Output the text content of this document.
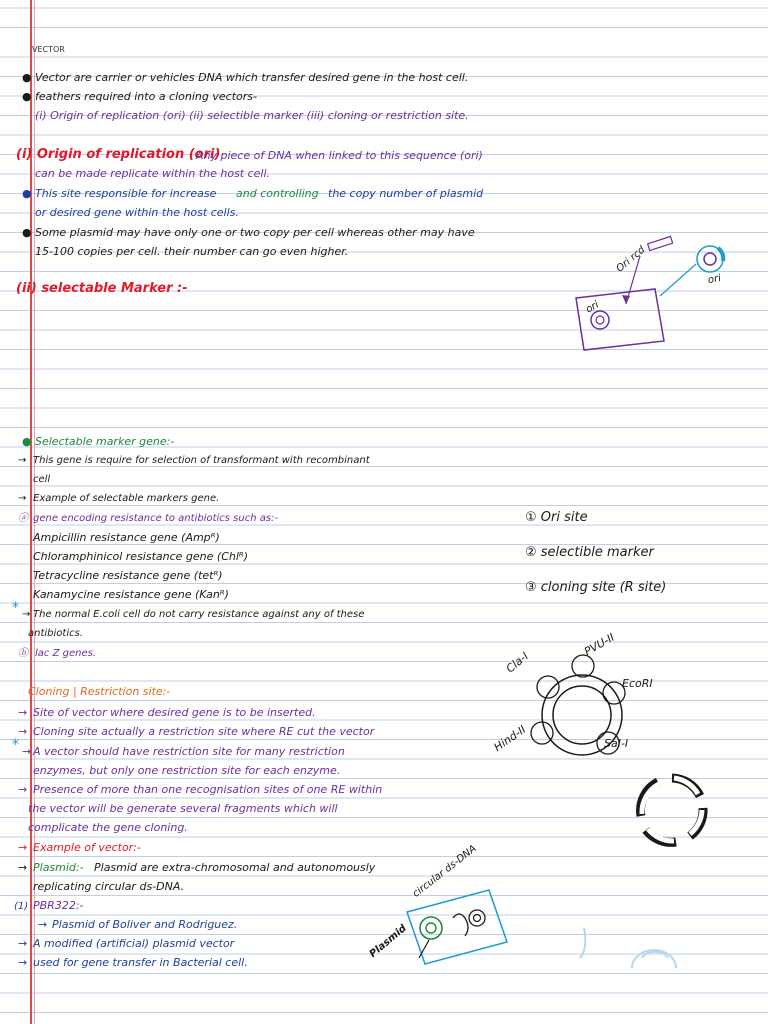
VECTOR
● Vector are carrier or vehicles DNA which transfer desired gene in the host cell.
● feathers required into a cloning vectors-
(i) Origin of replication (ori) (ii) selectible marker (iii) cloning or restriction site.
(i) Origin of replication (ori)
Any piece of DNA when linked to this sequence (ori)
can be made replicate within the host cell.
● This site responsible for increase and controlling the copy number of plasmid
or desired gene within the host cells.
● Some plasmid may have only one or two copy per cell whereas other may have
15-100 copies per cell. their number can go even higher.
(ii) selectable Marker :-
Ori rcd
ori
ori
● Selectable marker gene:-
→ This gene is require for selection of transformant with recombinant
cell
→ Example of selectable markers gene.
ⓐ gene encoding resistance to antibiotics such as:-
Ampicillin resistance gene (Ampᴿ)
Chloramphinicol resistance gene (Chlᴿ)
Tetracycline resistance gene (tetᴿ)
Kanamycine resistance gene (Kanᴿ)
* → The normal E.coli cell do not carry resistance against any of these
antibiotics.
ⓑ lac Z genes.
① Ori site
② selectible marker
③ cloning site (R site)
Cloning | Restriction site:-
→ Site of vector where desired gene is to be inserted.
→ Cloning site actually a restriction site where RE cut the vector
* → A vector should have restriction site for many restriction
enzymes, but only one restriction site for each enzyme.
→ Presence of more than one recognisation sites of one RE within
the vector will be generate several fragments which will
complicate the gene cloning.
→ Example of vector:-
→ Plasmid:- Plasmid are extra-chromosomal and autonomously
replicating circular ds-DNA.
(1) PBR322:-
→ Plasmid of Boliver and Rodriguez.
→ A modified (artificial) plasmid vector
→ used for gene transfer in Bacterial cell.
Cla-I
PVU-II
EcoRI
Hind-II	SaI-I
circular ds-DNA
Plasmid
